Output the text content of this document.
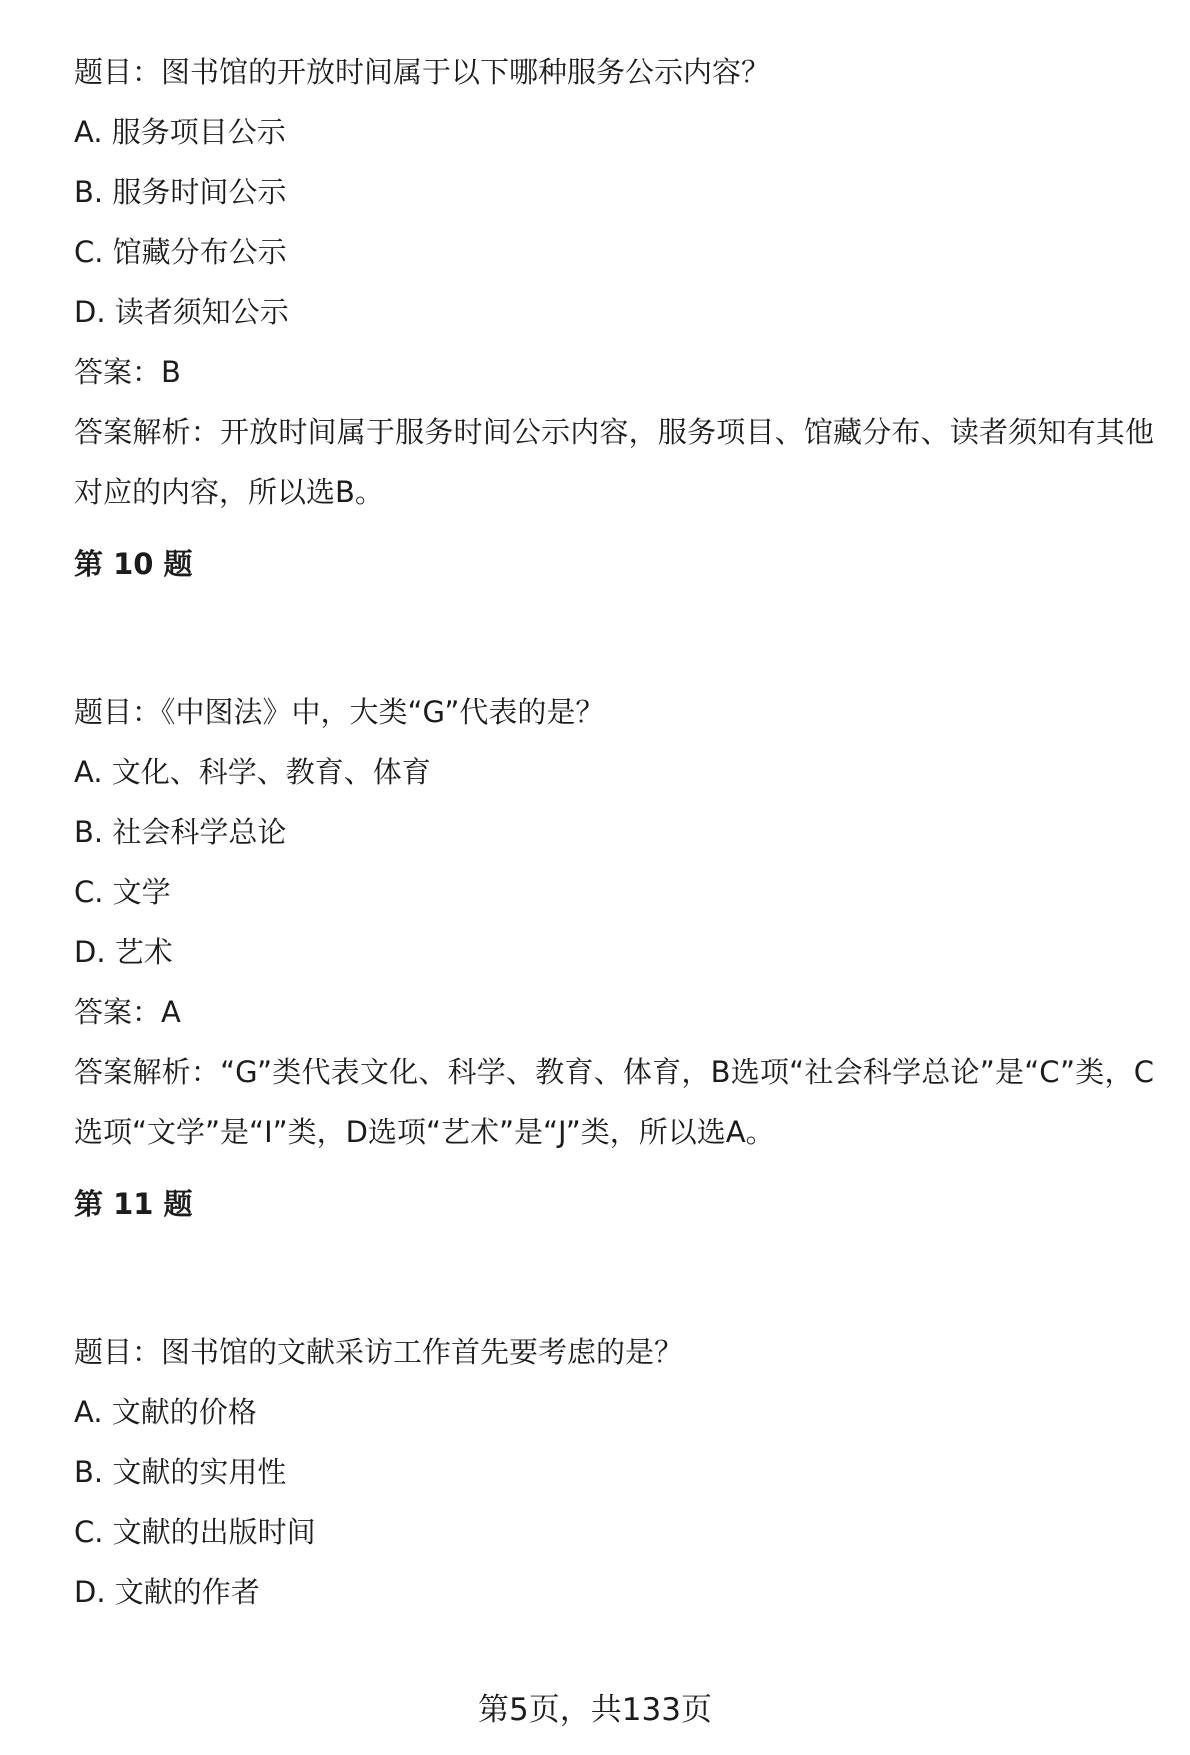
题目：图书馆的开放时间属于以下哪种服务公示内容？
A. 服务项目公示
B. 服务时间公示
C. 馆藏分布公示
D. 读者须知公示
答案：B
答案解析：开放时间属于服务时间公示内容，服务项目、馆藏分布、读者须知有其他对应的内容，所以选B。
第 10 题
题目：《中图法》中，大类“G”代表的是？
A. 文化、科学、教育、体育
B. 社会科学总论
C. 文学
D. 艺术
答案：A
答案解析：“G”类代表文化、科学、教育、体育，B选项“社会科学总论”是“C”类，C选项“文学”是“I”类，D选项“艺术”是“J”类，所以选A。
第 11 题
题目：图书馆的文献采访工作首先要考虑的是？
A. 文献的价格
B. 文献的实用性
C. 文献的出版时间
D. 文献的作者
第5页，共133页
